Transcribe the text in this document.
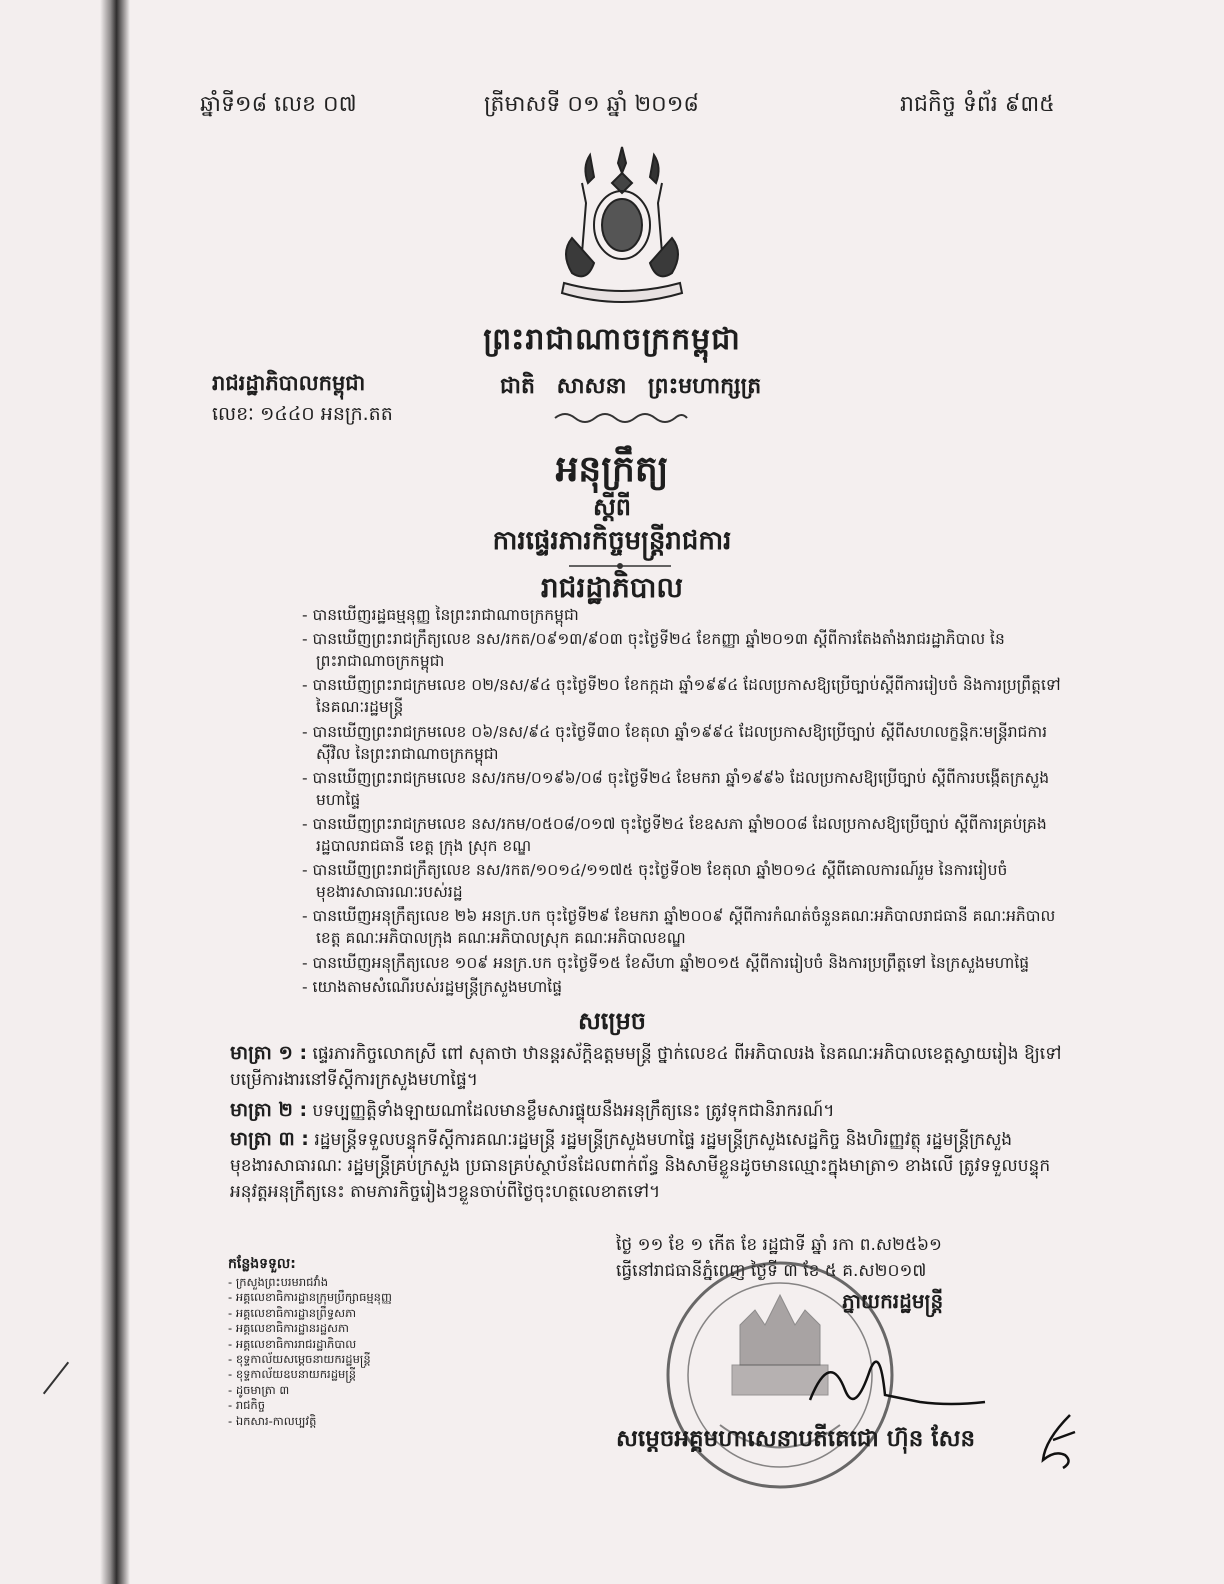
ឆ្នាំទី១៨ លេខ ០៧	ត្រីមាសទី ០១ ឆ្នាំ ២០១៨	រាជកិច្ច ទំព័រ ៩៣៥
ព្រះរាជាណាចក្រកម្ពុជា
រាជរដ្ឋាភិបាលកម្ពុជា	ជាតិ សាសនា ព្រះមហាក្សត្រ
លេខៈ ១៤៤០ អនក្រ.តត
អនុក្រឹត្យ
ស្តីពី
ការផ្ទេរភារកិច្ចមន្ត្រីរាជការ
រាជរដ្ឋាភិបាល
- បានឃើញរដ្ឋធម្មនុញ្ញ នៃព្រះរាជាណាចក្រកម្ពុជា
- បានឃើញព្រះរាជក្រឹត្យលេខ នស/រកត/០៩១៣/៩០៣ ចុះថ្ងៃទី២៤ ខែកញ្ញា ឆ្នាំ២០១៣ ស្តីពីការតែងតាំងរាជរដ្ឋាភិបាល នៃព្រះរាជាណាចក្រកម្ពុជា
- បានឃើញព្រះរាជក្រមលេខ ០២/នស/៩៤ ចុះថ្ងៃទី២០ ខែកក្កដា ឆ្នាំ១៩៩៤ ដែលប្រកាសឱ្យប្រើច្បាប់ស្តីពីការរៀបចំ និងការប្រព្រឹត្តទៅ នៃគណៈរដ្ឋមន្ត្រី
- បានឃើញព្រះរាជក្រមលេខ ០៦/នស/៩៤ ចុះថ្ងៃទី៣០ ខែតុលា ឆ្នាំ១៩៩៤ ដែលប្រកាសឱ្យប្រើច្បាប់ ស្តីពីសហលក្ខន្តិកៈមន្ត្រីរាជការស៊ីវិល នៃព្រះរាជាណាចក្រកម្ពុជា
- បានឃើញព្រះរាជក្រមលេខ នស/រកម/០១៩៦/០៨ ចុះថ្ងៃទី២៤ ខែមករា ឆ្នាំ១៩៩៦ ដែលប្រកាសឱ្យប្រើច្បាប់ ស្តីពីការបង្កើតក្រសួងមហាផ្ទៃ
- បានឃើញព្រះរាជក្រមលេខ នស/រកម/០៥០៨/០១៧ ចុះថ្ងៃទី២៤ ខែឧសភា ឆ្នាំ២០០៨ ដែលប្រកាសឱ្យប្រើច្បាប់ ស្តីពីការគ្រប់គ្រងរដ្ឋបាលរាជធានី ខេត្ត ក្រុង ស្រុក ខណ្ឌ
- បានឃើញព្រះរាជក្រឹត្យលេខ នស/រកត/១០១៤/១១៧៥ ចុះថ្ងៃទី០២ ខែតុលា ឆ្នាំ២០១៤ ស្តីពីគោលការណ៍រួម នៃការរៀបចំមុខងារសាធារណៈរបស់រដ្ឋ
- បានឃើញអនុក្រឹត្យលេខ ២៦ អនក្រ.បក ចុះថ្ងៃទី២៩ ខែមករា ឆ្នាំ២០០៩ ស្តីពីការកំណត់ចំនួនគណៈអភិបាលរាជធានី គណៈអភិបាលខេត្ត គណៈអភិបាលក្រុង គណៈអភិបាលស្រុក គណៈអភិបាលខណ្ឌ
- បានឃើញអនុក្រឹត្យលេខ ១០៩ អនក្រ.បក ចុះថ្ងៃទី១៥ ខែសីហា ឆ្នាំ២០១៥ ស្តីពីការរៀបចំ និងការប្រព្រឹត្តទៅ នៃក្រសួងមហាផ្ទៃ
- យោងតាមសំណើរបស់រដ្ឋមន្ត្រីក្រសួងមហាផ្ទៃ
សម្រេច
មាត្រា ១ : ផ្ទេរភារកិច្ចលោកស្រី ពៅ សុតាថា ឋានន្តរស័ក្តិឧត្តមមន្ត្រី ថ្នាក់លេខ៤ ពីអភិបាលរង នៃគណៈអភិបាលខេត្តស្វាយរៀង ឱ្យទៅបម្រើការងារនៅទីស្តីការក្រសួងមហាផ្ទៃ។
មាត្រា ២ : បទប្បញ្ញត្តិទាំងឡាយណាដែលមានខ្លឹមសារផ្ទុយនឹងអនុក្រឹត្យនេះ ត្រូវទុកជានិរាករណ៍។
មាត្រា ៣ : រដ្ឋមន្ត្រីទទួលបន្ទុកទីស្តីការគណៈរដ្ឋមន្ត្រី រដ្ឋមន្ត្រីក្រសួងមហាផ្ទៃ រដ្ឋមន្ត្រីក្រសួងសេដ្ឋកិច្ច និងហិរញ្ញវត្ថុ រដ្ឋមន្ត្រីក្រសួងមុខងារសាធារណៈ រដ្ឋមន្ត្រីគ្រប់ក្រសួង ប្រធានគ្រប់ស្ថាប័នដែលពាក់ព័ន្ធ និងសាមីខ្លួនដូចមានឈ្មោះក្នុងមាត្រា១ ខាងលើ ត្រូវទទួលបន្ទុកអនុវត្តអនុក្រឹត្យនេះ តាមភារកិច្ចរៀងៗខ្លួនចាប់ពីថ្ងៃចុះហត្ថលេខាតទៅ។
ថ្ងៃ ១១ ខែ ១ កើត ខែ រដ្ឋជាទី ឆ្នាំ រកា ព.ស២៥៦១
ធ្វើនៅរាជធានីភ្នំពេញ ថ្ងៃទី ៣ ខែ ៥ គ.ស២០១៧
ភ្នាយករដ្ឋមន្ត្រី
កន្លែងទទួល:
- ក្រសួងព្រះបរមរាជវាំង
- អគ្គលេខាធិការដ្ឋានក្រុមប្រឹក្សាធម្មនុញ្ញ
- អគ្គលេខាធិការដ្ឋានព្រឹទ្ធសភា
- អគ្គលេខាធិការដ្ឋានរដ្ឋសភា
- អគ្គលេខាធិការរាជរដ្ឋាភិបាល
- ខុទ្ទកាល័យសម្តេចនាយករដ្ឋមន្ត្រី
- ខុទ្ទកាល័យឧបនាយករដ្ឋមន្ត្រី
- ដូចមាត្រា ៣
- រាជកិច្ច
- ឯកសារ-កាលប្បវត្តិ
សម្តេចអគ្គមហាសេនាបតីតេជោ ហ៊ុន សែន
